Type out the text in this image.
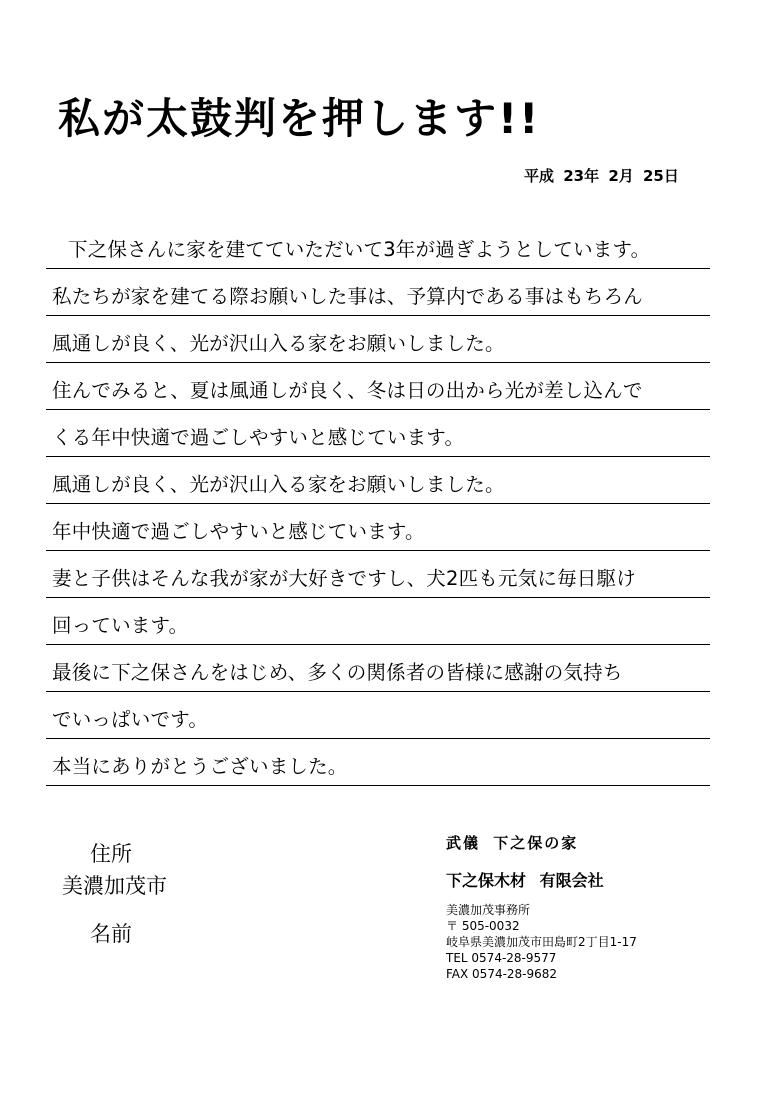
私が太鼓判を押します!!
平成 23年 2月 25日
下之保さんに家を建てていただいて3年が過ぎようとしています。
私たちが家を建てる際お願いした事は、予算内である事はもちろん
風通しが良く、光が沢山入る家をお願いしました。
住んでみると、夏は風通しが良く、冬は日の出から光が差し込んで
くる年中快適で過ごしやすいと感じています。
風通しが良く、光が沢山入る家をお願いしました。
年中快適で過ごしやすいと感じています。
妻と子供はそんな我が家が大好きですし、犬2匹も元気に毎日駆け
回っています。
最後に下之保さんをはじめ、多くの関係者の皆様に感謝の気持ち
でいっぱいです。
本当にありがとうございました。
住所
美濃加茂市
名前
武儀 下之保の家
下之保木材 有限会社
美濃加茂事務所
〒 505-0032
岐阜県美濃加茂市田島町2丁目1-17
TEL 0574-28-9577
FAX 0574-28-9682
